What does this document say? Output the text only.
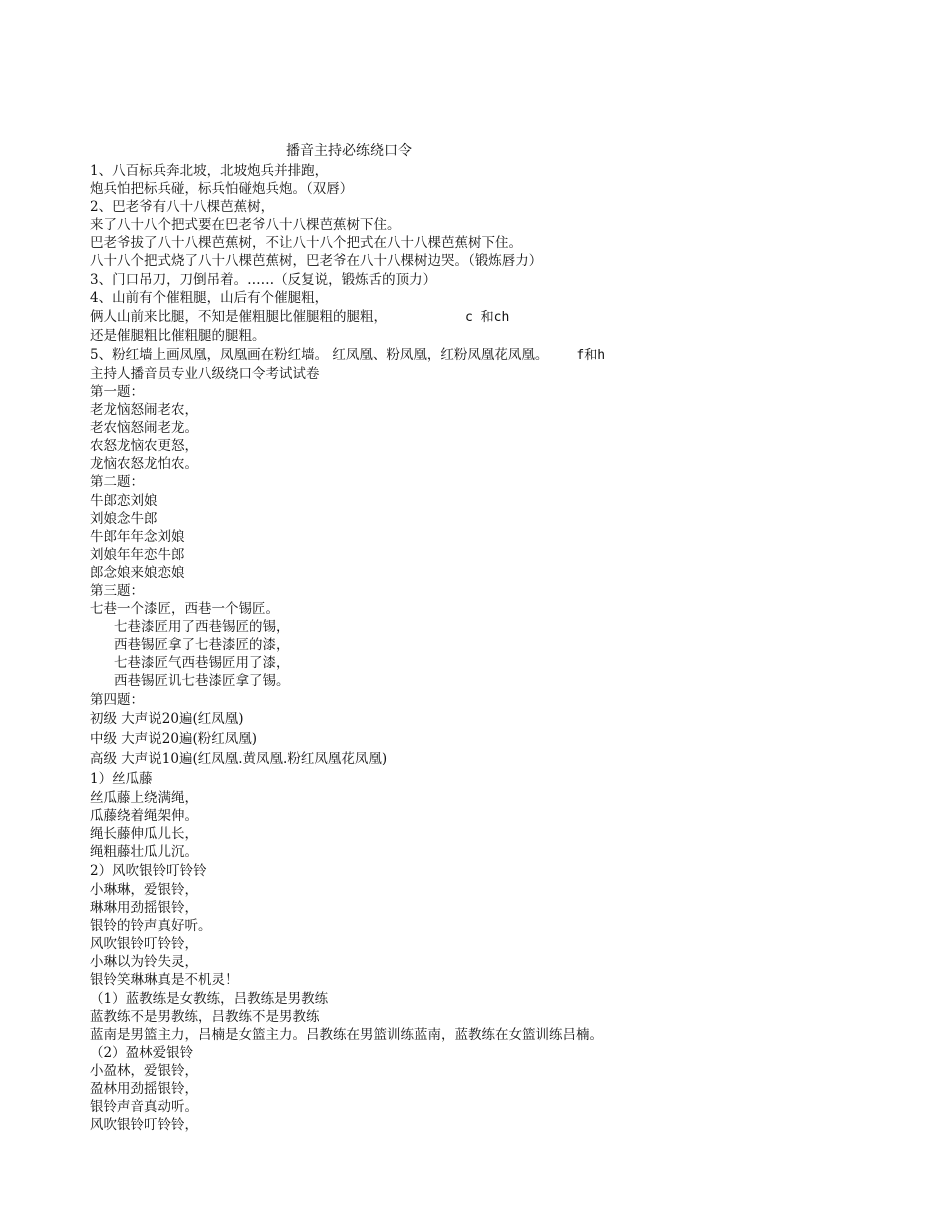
播音主持必练绕口令
1、八百标兵奔北坡，北坡炮兵并排跑，
炮兵怕把标兵碰，标兵怕碰炮兵炮。（双唇）
2、巴老爷有八十八棵芭蕉树，
来了八十八个把式要在巴老爷八十八棵芭蕉树下住。
巴老爷拔了八十八棵芭蕉树，不让八十八个把式在八十八棵芭蕉树下住。
八十八个把式烧了八十八棵芭蕉树，巴老爷在八十八棵树边哭。（锻炼唇力）
3、门口吊刀，刀倒吊着。……（反复说，锻炼舌的顶力）
4、山前有个催粗腿，山后有个催腿粗，
俩人山前来比腿，不知是催粗腿比催腿粗的腿粗，	c 和ch
还是催腿粗比催粗腿的腿粗。
5、粉红墙上画凤凰，凤凰画在粉红墙。 红凤凰、粉凤凰，红粉凤凰花凤凰。 f和h
主持人播音员专业八级绕口令考试试卷
第一题：
老龙恼怒闹老农，
老农恼怒闹老龙。
农怒龙恼农更怒，
龙恼农怒龙怕农。
第二题：
牛郎恋刘娘
刘娘念牛郎
牛郎年年念刘娘
刘娘年年恋牛郎
郎念娘来娘恋娘
第三题：
七巷一个漆匠，西巷一个锡匠。
七巷漆匠用了西巷锡匠的锡，
西巷锡匠拿了七巷漆匠的漆，
七巷漆匠气西巷锡匠用了漆，
西巷锡匠讥七巷漆匠拿了锡。
第四题：
初级 大声说20遍(红凤凰)
中级 大声说20遍(粉红凤凰)
高级 大声说10遍(红凤凰.黄凤凰.粉红凤凰花凤凰)
1）丝瓜藤
丝瓜藤上绕满绳，
瓜藤绕着绳架伸。
绳长藤伸瓜儿长，
绳粗藤壮瓜儿沉。
2）风吹银铃叮铃铃
小琳琳，爱银铃，
琳琳用劲摇银铃，
银铃的铃声真好听。
风吹银铃叮铃铃，
小琳以为铃失灵，
银铃笑琳琳真是不机灵！
（1）蓝教练是女教练，吕教练是男教练
蓝教练不是男教练，吕教练不是男教练
蓝南是男篮主力，吕楠是女篮主力。吕教练在男篮训练蓝南，蓝教练在女篮训练吕楠。
（2）盈林爱银铃
小盈林，爱银铃，
盈林用劲摇银铃，
银铃声音真动听。
风吹银铃叮铃铃，
